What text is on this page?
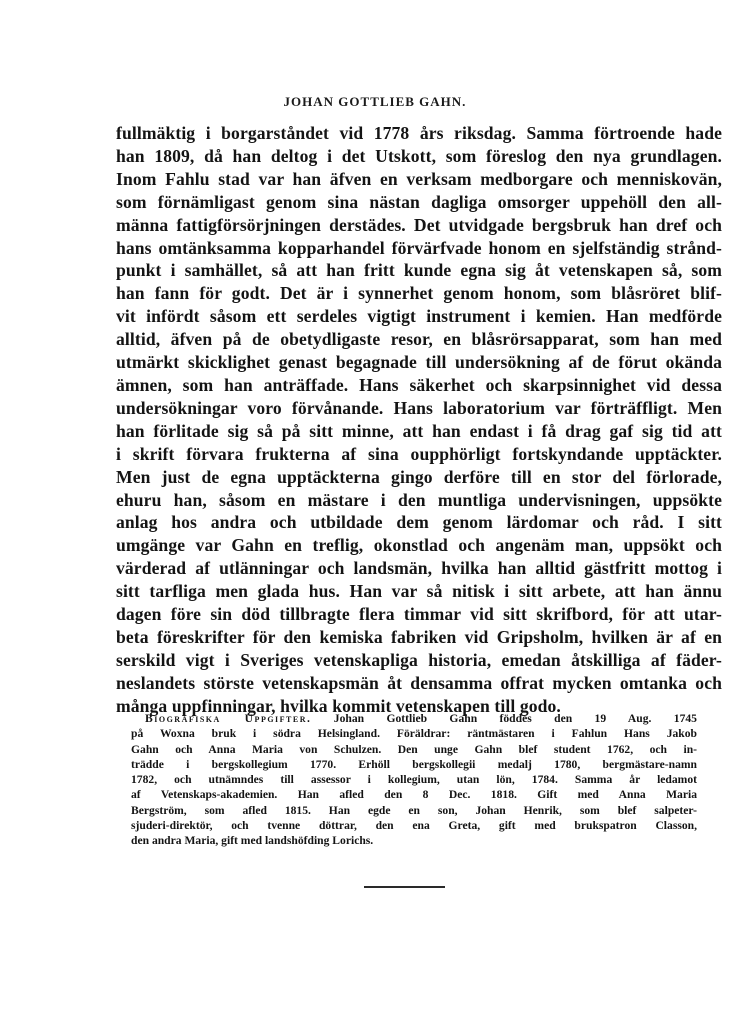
JOHAN GOTTLIEB GAHN.
fullmäktig i borgarståndet vid 1778 års riksdag. Samma förtroende hade
han 1809, då han deltog i det Utskott, som föreslog den nya grundlagen.
Inom Fahlu stad var han äfven en verksam medborgare och menniskovän,
som förnämligast genom sina nästan dagliga omsorger uppehöll den all-
männa fattigförsörjningen derstädes. Det utvidgade bergsbruk han dref och
hans omtänksamma kopparhandel förvärfvade honom en sjelfständig strånd-
punkt i samhället, så att han fritt kunde egna sig åt vetenskapen så, som
han fann för godt. Det är i synnerhet genom honom, som blåsröret blif-
vit infördt såsom ett serdeles vigtigt instrument i kemien. Han medförde
alltid, äfven på de obetydligaste resor, en blåsrörsapparat, som han med
utmärkt skicklighet genast begagnade till undersökning af de förut okända
ämnen, som han anträffade. Hans säkerhet och skarpsinnighet vid dessa
undersökningar voro förvånande. Hans laboratorium var förträffligt. Men
han förlitade sig så på sitt minne, att han endast i få drag gaf sig tid att
i skrift förvara frukterna af sina oupphörligt fortskyndande upptäckter.
Men just de egna upptäckterna gingo derföre till en stor del förlorade,
ehuru han, såsom en mästare i den muntliga undervisningen, uppsökte
anlag hos andra och utbildade dem genom lärdomar och råd. I sitt
umgänge var Gahn en treflig, okonstlad och angenäm man, uppsökt och
värderad af utlänningar och landsmän, hvilka han alltid gästfritt mottog i
sitt tarfliga men glada hus. Han var så nitisk i sitt arbete, att han ännu
dagen före sin död tillbragte flera timmar vid sitt skrifbord, för att utar-
beta föreskrifter för den kemiska fabriken vid Gripsholm, hvilken är af en
serskild vigt i Sveriges vetenskapliga historia, emedan åtskilliga af fäder-
neslandets störste vetenskapsmän åt densamma offrat mycken omtanka och
många uppfinningar, hvilka kommit vetenskapen till godo.
Biografiska Uppgifter. Johan Gottlieb Gahn föddes den 19 Aug. 1745
på Woxna bruk i södra Helsingland. Föräldrar: räntmästaren i Fahlun Hans Jakob
Gahn och Anna Maria von Schulzen. Den unge Gahn blef student 1762, och in-
trädde i bergskollegium 1770. Erhöll bergskollegii medalj 1780, bergmästare-namn
1782, och utnämndes till assessor i kollegium, utan lön, 1784. Samma år ledamot
af Vetenskaps-akademien. Han afled den 8 Dec. 1818. Gift med Anna Maria
Bergström, som afled 1815. Han egde en son, Johan Henrik, som blef salpeter-
sjuderi-direktör, och tvenne döttrar, den ena Greta, gift med brukspatron Classon,
den andra Maria, gift med landshöfding Lorichs.
